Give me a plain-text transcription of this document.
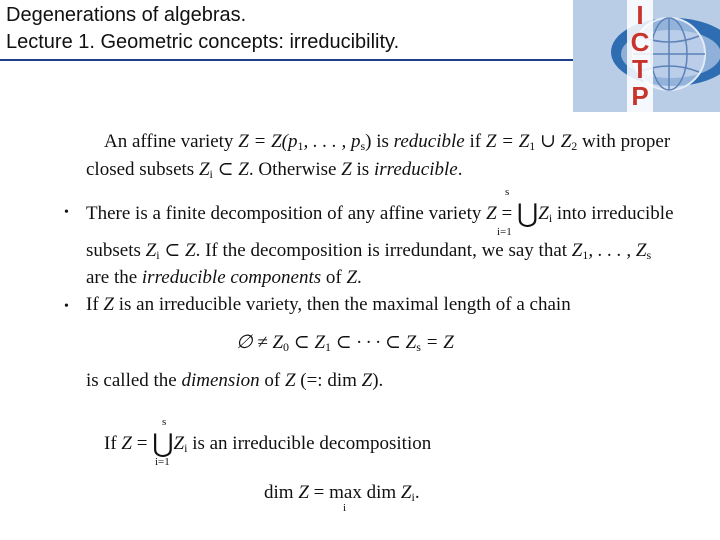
Degenerations of algebras.
Lecture 1. Geometric concepts: irreducibility.
I
C
T
P
An affine variety $Z = Z(p_1$, . . . , $p_s$) is reducible if $Z = Z_1$ ∪ $Z_2$ with proper
closed subsets $Z_i$ ⊂ Z. Otherwise Z is irreducible.
• There is a finite decomposition of any affine variety $Z = ⋃Z_i$ into irreducible
s
i=1
subsets $Z_i$ ⊂ Z. If the decomposition is irredundant, we say that $Z_1$, . . . , $Z_s$
are the irreducible components of Z.
• If Z is an irreducible variety, then the maximal length of a chain
∅ ≠ $Z_0$ ⊂ $Z_1$ ⊂ · · · ⊂ $Z_s = Z$
is called the dimension of Z (=: dim Z).
If $Z = ⋃Z_i$ is an irreducible decomposition
s
i=1
dim Z = max dim $Z_i$.
i
